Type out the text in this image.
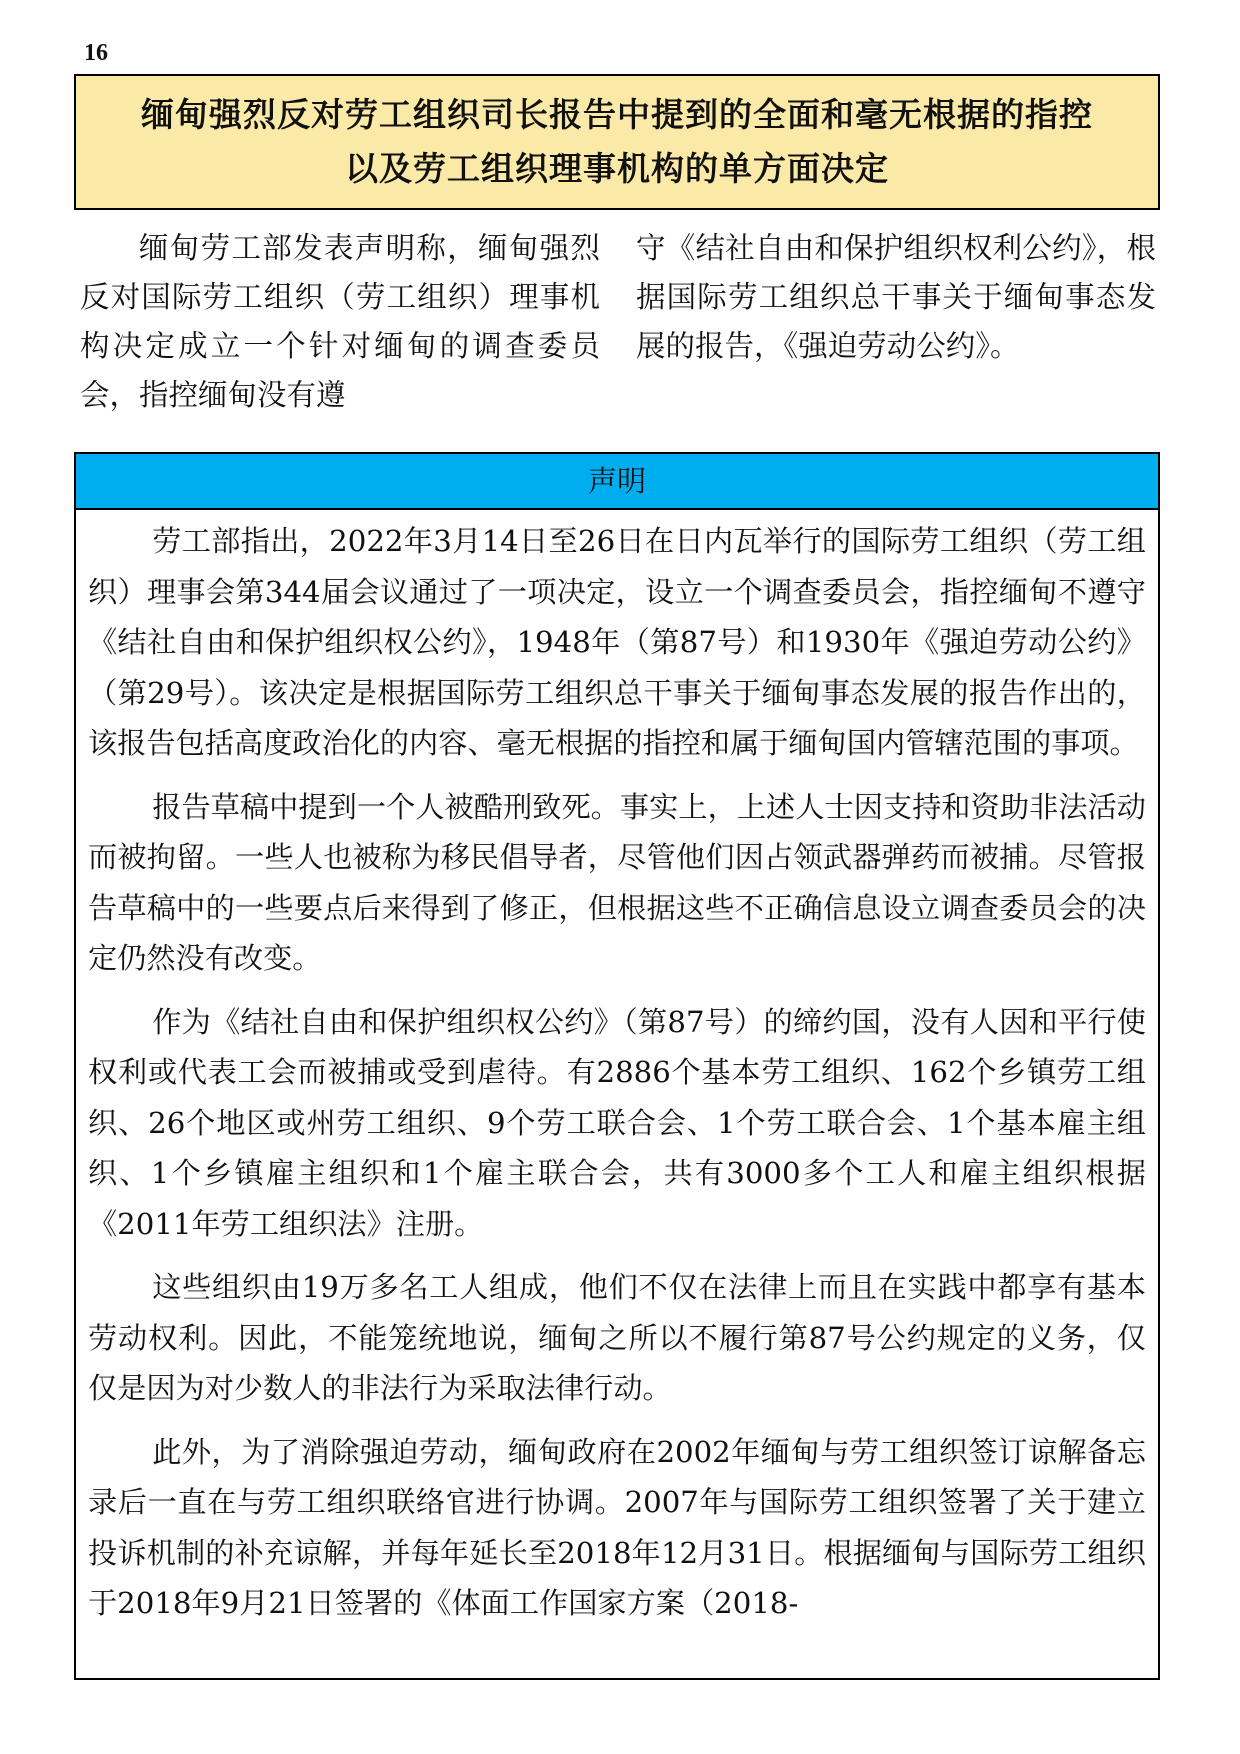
16
缅甸强烈反对劳工组织司长报告中提到的全面和毫无根据的指控
以及劳工组织理事机构的单方面决定
缅甸劳工部发表声明称，缅甸强烈反对国际劳工组织（劳工组织）理事机构决定成立一个针对缅甸的调查委员会，指控缅甸没有遵
守《结社自由和保护组织权利公约》，根据国际劳工组织总干事关于缅甸事态发展的报告，《强迫劳动公约》。
声明

劳工部指出，2022年3月14日至26日在日内瓦举行的国际劳工组织（劳工组织）理事会第344届会议通过了一项决定，设立一个调查委员会，指控缅甸不遵守《结社自由和保护组织权公约》，1948年（第87号）和1930年《强迫劳动公约》（第29号）。该决定是根据国际劳工组织总干事关于缅甸事态发展的报告作出的，该报告包括高度政治化的内容、毫无根据的指控和属于缅甸国内管辖范围的事项。

报告草稿中提到一个人被酷刑致死。事实上，上述人士因支持和资助非法活动而被拘留。一些人也被称为移民倡导者，尽管他们因占领武器弹药而被捕。尽管报告草稿中的一些要点后来得到了修正，但根据这些不正确信息设立调查委员会的决定仍然没有改变。

作为《结社自由和保护组织权公约》（第87号）的缔约国，没有人因和平行使权利或代表工会而被捕或受到虐待。有2886个基本劳工组织、162个乡镇劳工组织、26个地区或州劳工组织、9个劳工联合会、1个劳工联合会、1个基本雇主组织、1个乡镇雇主组织和1个雇主联合会，共有3000多个工人和雇主组织根据《2011年劳工组织法》注册。

这些组织由19万多名工人组成，他们不仅在法律上而且在实践中都享有基本劳动权利。因此，不能笼统地说，缅甸之所以不履行第87号公约规定的义务，仅仅是因为对少数人的非法行为采取法律行动。

此外，为了消除强迫劳动，缅甸政府在2002年缅甸与劳工组织签订谅解备忘录后一直在与劳工组织联络官进行协调。2007年与国际劳工组织签署了关于建立投诉机制的补充谅解，并每年延长至2018年12月31日。根据缅甸与国际劳工组织于2018年9月21日签署的《体面工作国家方案（2018-
